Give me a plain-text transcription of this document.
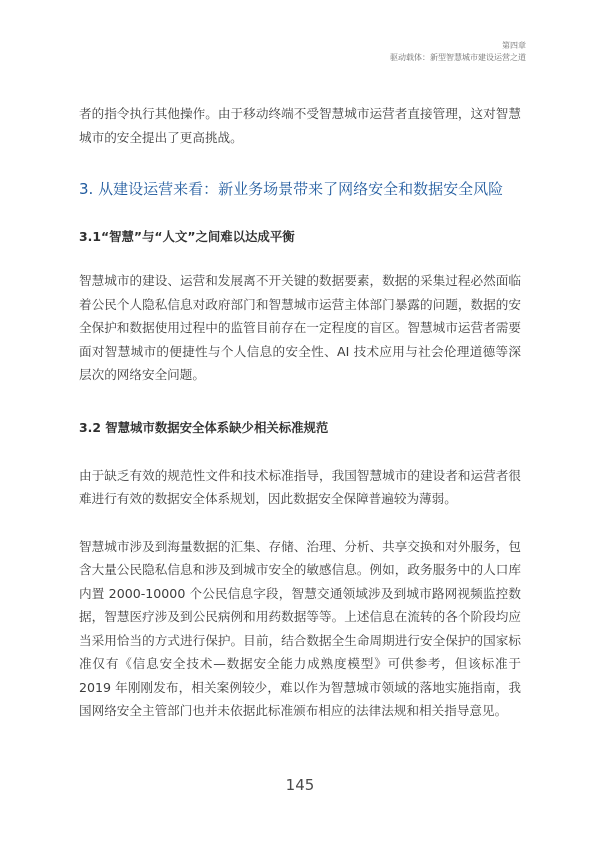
第四章
驱动载体：新型智慧城市建设运营之道

者的指令执行其他操作。由于移动终端不受智慧城市运营者直接管理，这对智慧城市的安全提出了更高挑战。

3. 从建设运营来看：新业务场景带来了网络安全和数据安全风险
3.1“智慧”与“人文”之间难以达成平衡

智慧城市的建设、运营和发展离不开关键的数据要素，数据的采集过程必然面临着公民个人隐私信息对政府部门和智慧城市运营主体部门暴露的问题，数据的安全保护和数据使用过程中的监管目前存在一定程度的盲区。智慧城市运营者需要面对智慧城市的便捷性与个人信息的安全性、AI 技术应用与社会伦理道德等深层次的网络安全问题。

3.2 智慧城市数据安全体系缺少相关标准规范

由于缺乏有效的规范性文件和技术标准指导，我国智慧城市的建设者和运营者很难进行有效的数据安全体系规划，因此数据安全保障普遍较为薄弱。

智慧城市涉及到海量数据的汇集、存储、治理、分析、共享交换和对外服务，包含大量公民隐私信息和涉及到城市安全的敏感信息。例如，政务服务中的人口库内置 2000-10000 个公民信息字段，智慧交通领域涉及到城市路网视频监控数据，智慧医疗涉及到公民病例和用药数据等等。上述信息在流转的各个阶段均应当采用恰当的方式进行保护。目前，结合数据全生命周期进行安全保护的国家标准仅有《信息安全技术—数据安全能力成熟度模型》可供参考，但该标准于 2019 年刚刚发布，相关案例较少，难以作为智慧城市领域的落地实施指南，我国网络安全主管部门也并未依据此标准颁布相应的法律法规和相关指导意见。

145
